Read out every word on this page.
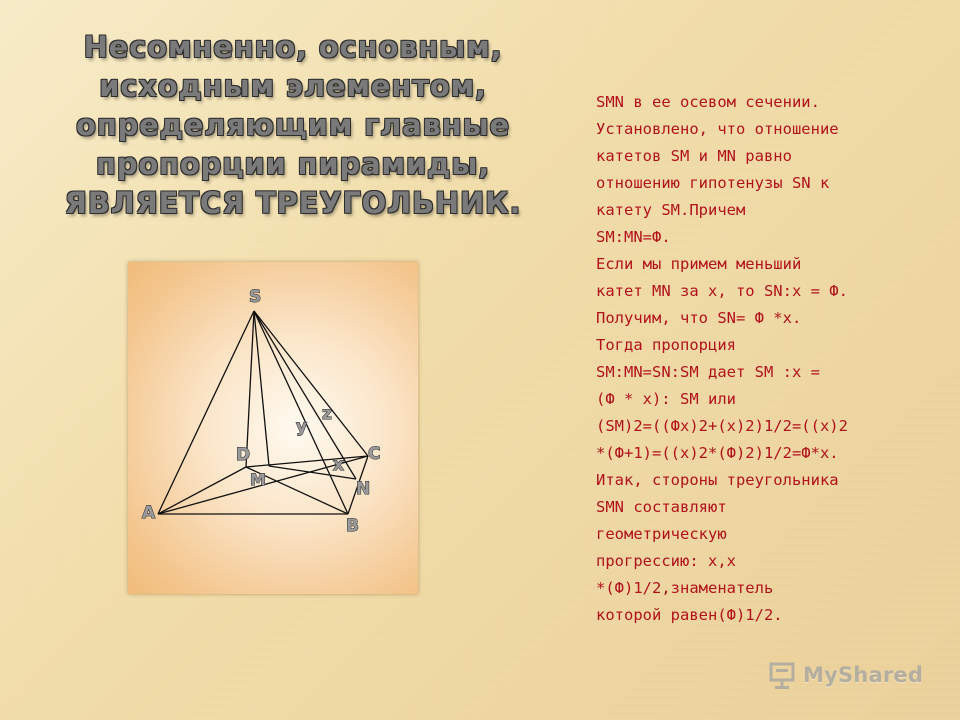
Несомненно, основным, исходным элементом, определяющим главные пропорции пирамиды, ЯВЛЯЕТСЯ ТРЕУГОЛЬНИК.
S
D	C
M
A
B
N
x
y
z
SMN в ее осевом сечении.
Установлено, что отношение
катетов SM и MN равно
отношению гипотенузы SN к
катету SM.Причем
SM:MN=Ф.
Если мы примем меньший
катет MN за x, то SN:x = Ф.
Получим, что SN= Ф *x.
Тогда пропорция
SM:MN=SN:SM дает SM :x =
(Ф * x): SM или
(SM)2=((Фx)2+(x)2)1/2=((x)2
*(Ф+1)=((x)2*(Ф)2)1/2=Ф*x.
Итак, стороны треугольника
SMN составляют
геометрическую
прогрессию: x,x
*(Ф)1/2,знаменатель
которой равен(Ф)1/2.
MyShared
